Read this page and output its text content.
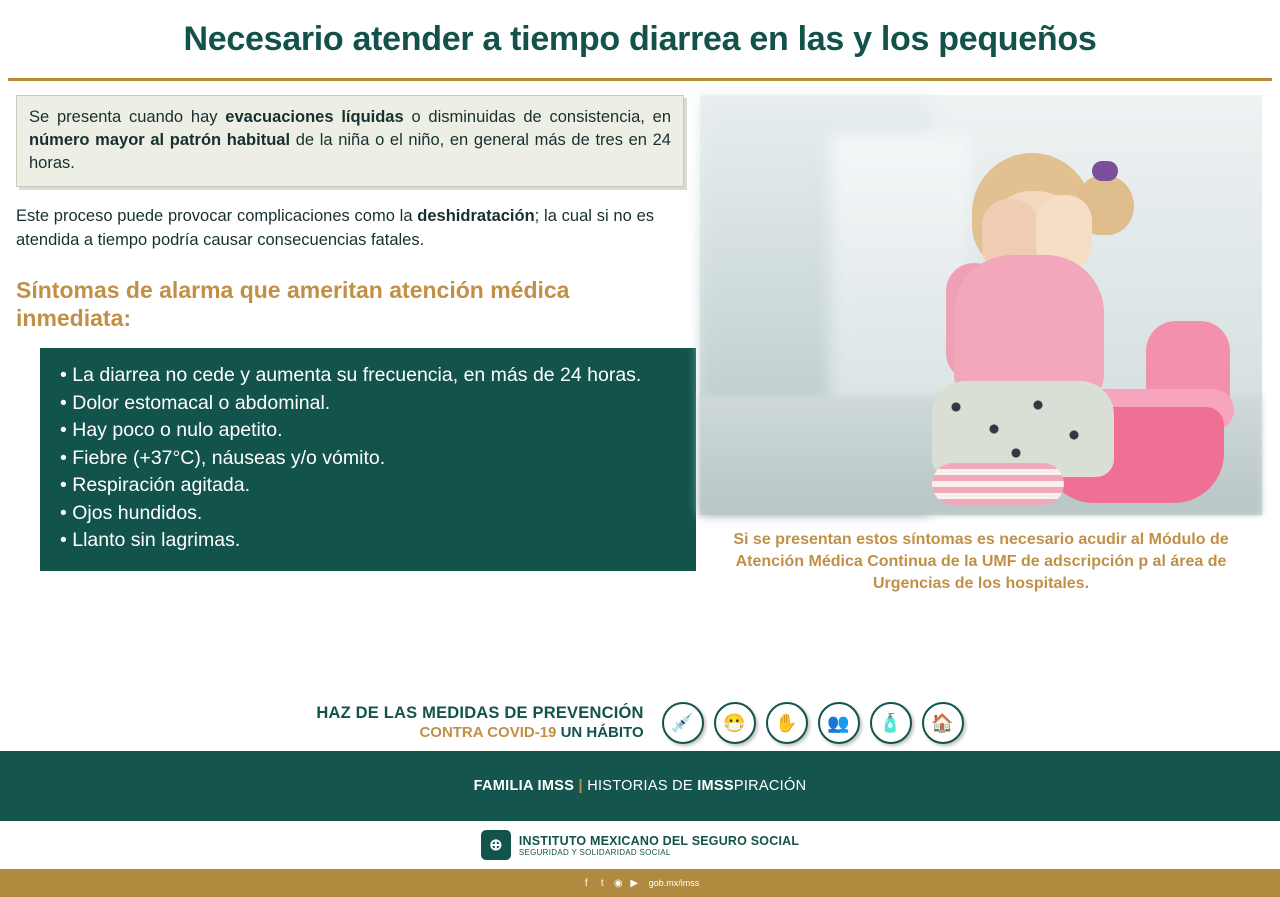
Necesario atender a tiempo diarrea en las y los pequeños
Se presenta cuando hay evacuaciones líquidas o disminuidas de consistencia, en número mayor al patrón habitual de la niña o el niño, en general más de tres en 24 horas.
Este proceso puede provocar complicaciones como la deshidratación; la cual si no es atendida a tiempo podría causar consecuencias fatales.
Síntomas de alarma que ameritan atención médica inmediata:
• La diarrea no cede y aumenta su frecuencia, en más de 24 horas.
• Dolor estomacal o abdominal.
• Hay poco o nulo apetito.
• Fiebre (+37°C), náuseas y/o vómito.
• Respiración agitada.
• Ojos hundidos.
• Llanto sin lagrimas.	Si se presentan estos síntomas es necesario acudir al Módulo de Atención Médica Continua de la UMF de adscripción p al área de Urgencias de los hospitales.
HAZ DE LAS MEDIDAS DE PREVENCIÓN
CONTRA COVID-19 UN HÁBITO 💉 😷 ✋ 👥 🧴 🏠
FAMILIA IMSS | HISTORIAS DE IMSSPIRACIÓN
⊕ INSTITUTO MEXICANO DEL SEGURO SOCIAL
SEGURIDAD Y SOLIDARIDAD SOCIAL
f	t	◉ ▶ gob.mx/imss
